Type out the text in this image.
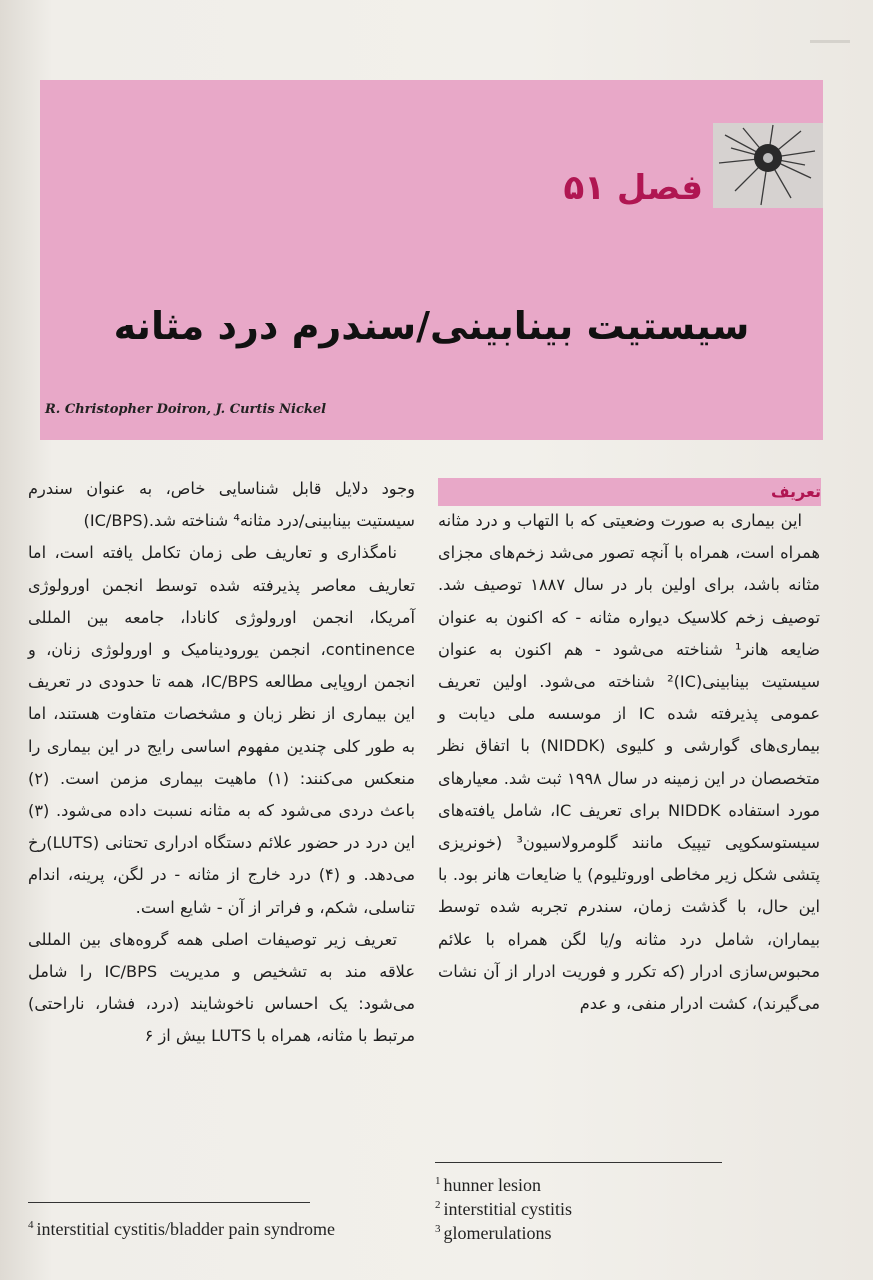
فصل ۵۱
سیستیت بینابینی/سندرم درد مثانه
R. Christopher Doiron, J. Curtis Nickel
تعریف

این بیماری به صورت وضعیتی که با التهاب و درد مثانه همراه است، همراه با آنچه تصور می‌شد زخم‌های مجزای مثانه باشد، برای اولین بار در سال ۱۸۸۷ توصیف شد. توصیف زخم کلاسیک دیواره مثانه - که اکنون به عنوان ضایعه هانر¹ شناخته می‌شود - هم اکنون به عنوان سیستیت بینابینی(IC)² شناخته می‌شود. اولین تعریف عمومی پذیرفته شده IC از موسسه ملی دیابت و بیماری‌های گوارشی و کلیوی (NIDDK) با اتفاق نظر متخصصان در این زمینه در سال ۱۹۹۸ ثبت شد. معیارهای مورد استفاده NIDDK برای تعریف IC، شامل یافته‌های سیستوسکوپی تیپیک مانند گلومرولاسیون³ (خونریزی پتشی شکل زیر مخاطی اوروتلیوم) یا ضایعات هانر بود. با این حال، با گذشت زمان، سندرم تجربه شده توسط بیماران، شامل درد مثانه و/یا لگن همراه با علائم محبوس‌سازی ادرار (که تکرر و فوریت ادرار از آن نشات می‌گیرند)، کشت ادرار منفی، و عدم

وجود دلایل قابل شناسایی خاص، به عنوان سندرم سیستیت بینابینی/درد مثانه⁴ شناخته شد.(IC/BPS)

نامگذاری و تعاریف طی زمان تکامل یافته است، اما تعاریف معاصر پذیرفته شده توسط انجمن اورولوژی آمریکا، انجمن اورولوژی کانادا، جامعه بین المللی continence، انجمن یورودینامیک و اورولوژی زنان، و انجمن اروپایی مطالعه IC/BPS، همه تا حدودی در تعریف این بیماری از نظر زبان و مشخصات متفاوت هستند، اما به طور کلی چندین مفهوم اساسی رایج در این بیماری را منعکس می‌کنند: (۱) ماهیت بیماری مزمن است. (۲) باعث دردی می‌شود که به مثانه نسبت داده می‌شود. (۳) این درد در حضور علائم دستگاه ادراری تحتانی (LUTS)رخ می‌دهد. و (۴) درد خارج از مثانه - در لگن، پرینه، اندام تناسلی، شکم، و فراتر از آن - شایع است.

تعریف زیر توصیفات اصلی همه گروه‌های بین المللی علاقه مند به تشخیص و مدیریت IC/BPS را شامل می‌شود: یک احساس ناخوشایند (درد، فشار، ناراحتی) مرتبط با مثانه، همراه با LUTS بیش از ۶

$^1$ hunner lesion
$^2$ interstitial cystitis
$^3$ glomerulations
$^4$ interstitial cystitis/bladder pain syndrome
